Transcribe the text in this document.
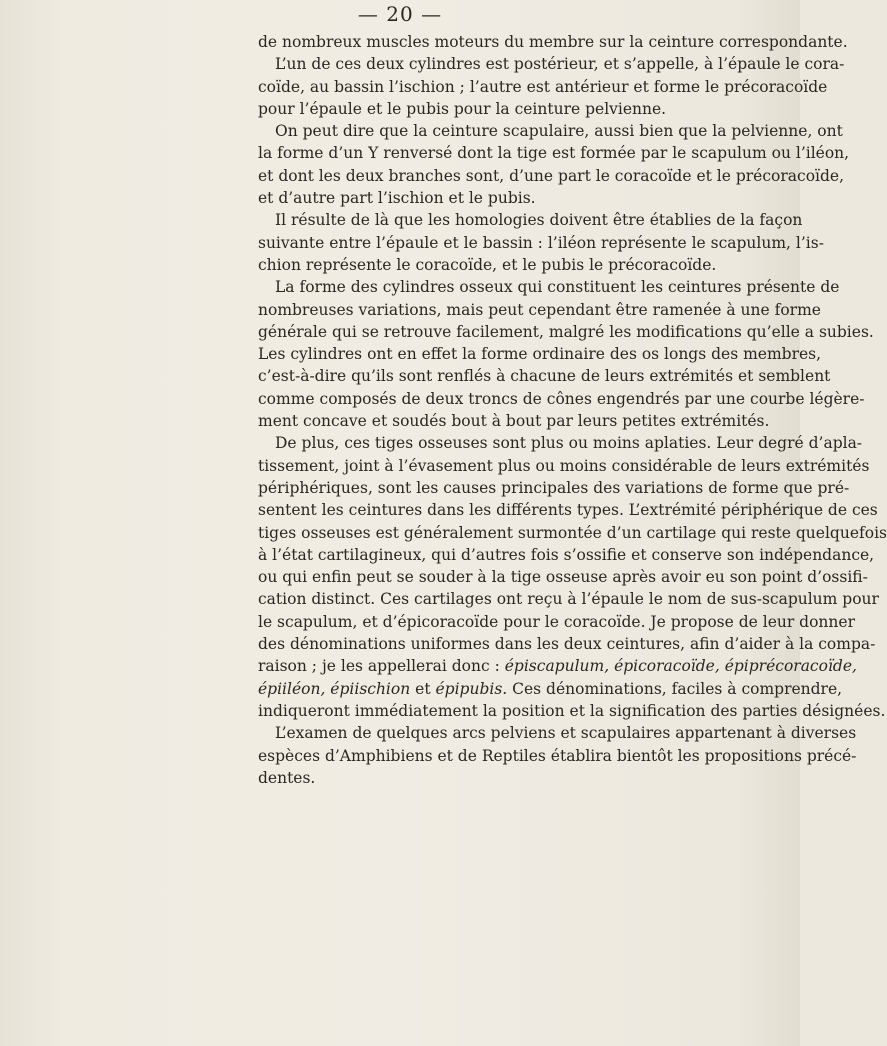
— 20 —
de nombreux muscles moteurs du membre sur la ceinture correspondante.
L’un de ces deux cylindres est postérieur, et s’appelle, à l’épaule le cora-
coïde, au bassin l’ischion ; l’autre est antérieur et forme le précoracoïde
pour l’épaule et le pubis pour la ceinture pelvienne.
On peut dire que la ceinture scapulaire, aussi bien que la pelvienne, ont
la forme d’un Y renversé dont la tige est formée par le scapulum ou l’iléon,
et dont les deux branches sont, d’une part le coracoïde et le précoracoïde,
et d’autre part l’ischion et le pubis.
Il résulte de là que les homologies doivent être établies de la façon
suivante entre l’épaule et le bassin : l’iléon représente le scapulum, l’is-
chion représente le coracoïde, et le pubis le précoracoïde.
La forme des cylindres osseux qui constituent les ceintures présente de
nombreuses variations, mais peut cependant être ramenée à une forme
générale qui se retrouve facilement, malgré les modifications qu’elle a subies.
Les cylindres ont en effet la forme ordinaire des os longs des membres,
c’est-à-dire qu’ils sont renflés à chacune de leurs extrémités et semblent
comme composés de deux troncs de cônes engendrés par une courbe légère-
ment concave et soudés bout à bout par leurs petites extrémités.
De plus, ces tiges osseuses sont plus ou moins aplaties. Leur degré d’apla-
tissement, joint à l’évasement plus ou moins considérable de leurs extrémités
périphériques, sont les causes principales des variations de forme que pré-
sentent les ceintures dans les différents types. L’extrémité périphérique de ces
tiges osseuses est généralement surmontée d’un cartilage qui reste quelquefois
à l’état cartilagineux, qui d’autres fois s’ossifie et conserve son indépendance,
ou qui enfin peut se souder à la tige osseuse après avoir eu son point d’ossifi-
cation distinct. Ces cartilages ont reçu à l’épaule le nom de sus-scapulum pour
le scapulum, et d’épicoracoïde pour le coracoïde. Je propose de leur donner
des dénominations uniformes dans les deux ceintures, afin d’aider à la compa-
raison ; je les appellerai donc : épiscapulum, épicoracoïde, épiprécoracoïde,
épiiléon, épiischion et épipubis. Ces dénominations, faciles à comprendre,
indiqueront immédiatement la position et la signification des parties désignées.
L’examen de quelques arcs pelviens et scapulaires appartenant à diverses
espèces d’Amphibiens et de Reptiles établira bientôt les propositions précé-
dentes.
